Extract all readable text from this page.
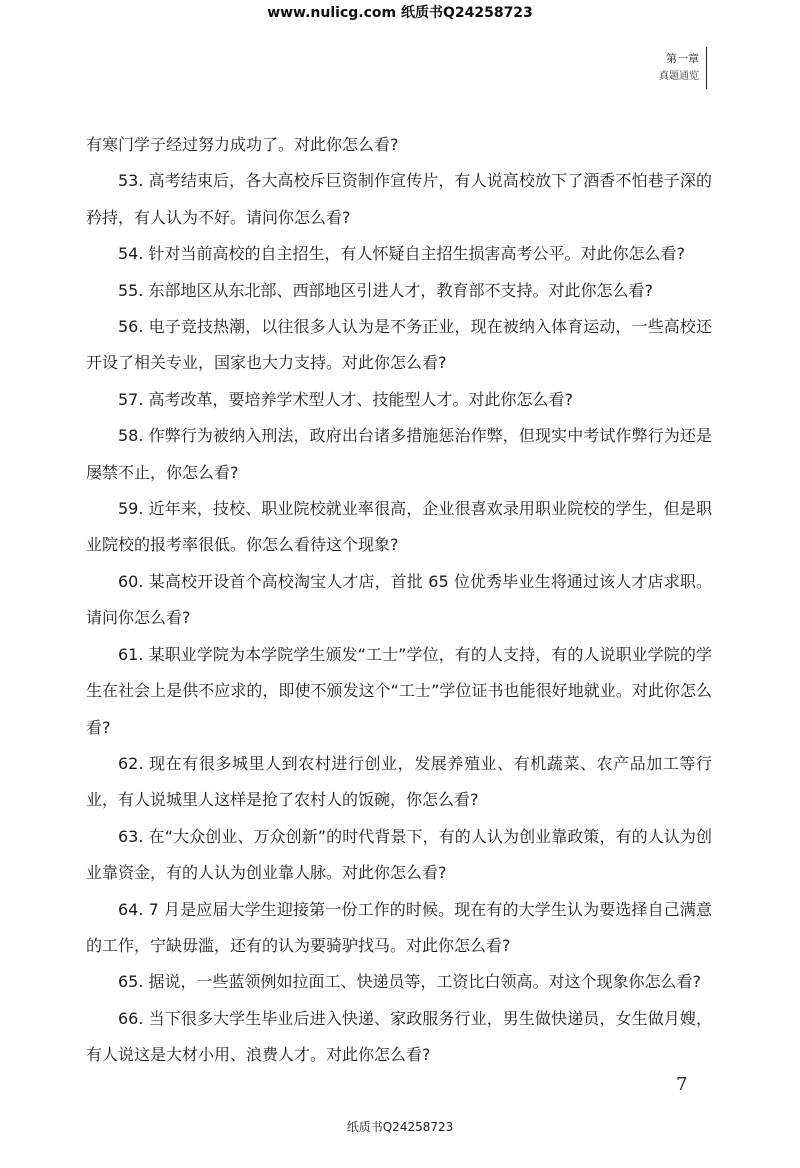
www.nulicg.com 纸质书Q24258723
第一章
真题通览

有寒门学子经过努力成功了。对此你怎么看?

53. 高考结束后，各大高校斥巨资制作宣传片，有人说高校放下了酒香不怕巷子深的矜持，有人认为不好。请问你怎么看?

54. 针对当前高校的自主招生，有人怀疑自主招生损害高考公平。对此你怎么看?

55. 东部地区从东北部、西部地区引进人才，教育部不支持。对此你怎么看?

56. 电子竞技热潮，以往很多人认为是不务正业，现在被纳入体育运动，一些高校还开设了相关专业，国家也大力支持。对此你怎么看?

57. 高考改革，要培养学术型人才、技能型人才。对此你怎么看?

58. 作弊行为被纳入刑法，政府出台诸多措施惩治作弊，但现实中考试作弊行为还是屡禁不止，你怎么看?

59. 近年来，技校、职业院校就业率很高，企业很喜欢录用职业院校的学生，但是职业院校的报考率很低。你怎么看待这个现象?

60. 某高校开设首个高校淘宝人才店，首批 65 位优秀毕业生将通过该人才店求职。请问你怎么看?

61. 某职业学院为本学院学生颁发“工士”学位，有的人支持，有的人说职业学院的学生在社会上是供不应求的，即使不颁发这个“工士”学位证书也能很好地就业。对此你怎么看?

62. 现在有很多城里人到农村进行创业，发展养殖业、有机蔬菜、农产品加工等行业，有人说城里人这样是抢了农村人的饭碗，你怎么看?

63. 在“大众创业、万众创新”的时代背景下，有的人认为创业靠政策，有的人认为创业靠资金，有的人认为创业靠人脉。对此你怎么看?

64. 7 月是应届大学生迎接第一份工作的时候。现在有的大学生认为要选择自己满意的工作，宁缺毋滥，还有的认为要骑驴找马。对此你怎么看?

65. 据说，一些蓝领例如拉面工、快递员等，工资比白领高。对这个现象你怎么看?

66. 当下很多大学生毕业后进入快递、家政服务行业，男生做快递员，女生做月嫂，有人说这是大材小用、浪费人才。对此你怎么看?

7
纸质书Q24258723
